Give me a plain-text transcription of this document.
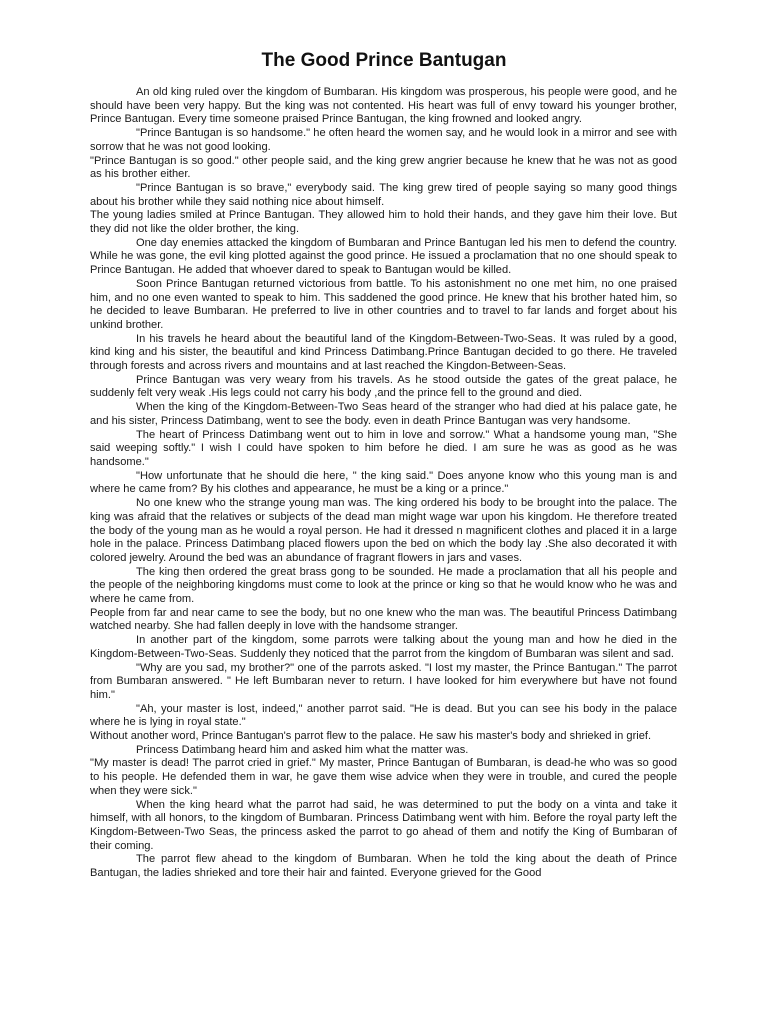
The Good Prince Bantugan

An old king ruled over the kingdom of Bumbaran. His kingdom was prosperous, his people were good, and he should have been very happy. But the king was not contented. His heart was full of envy toward his younger brother, Prince Bantugan. Every time someone praised Prince Bantugan, the king frowned and looked angry.

"Prince Bantugan is so handsome." he often heard the women say, and he would look in a mirror and see with sorrow that he was not good looking.

"Prince Bantugan is so good." other people said, and the king grew angrier because he knew that he was not as good as his brother either.

"Prince Bantugan is so brave," everybody said. The king grew tired of people saying so many good things about his brother while they said nothing nice about himself.

The young ladies smiled at Prince Bantugan. They allowed him to hold their hands, and they gave him their love. But they did not like the older brother, the king.

One day enemies attacked the kingdom of Bumbaran and Prince Bantugan led his men to defend the country. While he was gone, the evil king plotted against the good prince. He issued a proclamation that no one should speak to Prince Bantugan. He added that whoever dared to speak to Bantugan would be killed.

Soon Prince Bantugan returned victorious from battle. To his astonishment no one met him, no one praised him, and no one even wanted to speak to him. This saddened the good prince. He knew that his brother hated him, so he decided to leave Bumbaran. He preferred to live in other countries and to travel to far lands and forget about his unkind brother.

In his travels he heard about the beautiful land of the Kingdom-Between-Two-Seas. It was ruled by a good, kind king and his sister, the beautiful and kind Princess Datimbang.Prince Bantugan decided to go there. He traveled through forests and across rivers and mountains and at last reached the Kingdon-Between-Seas.

Prince Bantugan was very weary from his travels. As he stood outside the gates of the great palace, he suddenly felt very weak .His legs could not carry his body ,and the prince fell to the ground and died.

When the king of the Kingdom-Between-Two Seas heard of the stranger who had died at his palace gate, he and his sister, Princess Datimbang, went to see the body. even in death Prince Bantugan was very handsome.

The heart of Princess Datimbang went out to him in love and sorrow." What a handsome young man, "She said weeping softly." I wish I could have spoken to him before he died. I am sure he was as good as he was handsome."

"How unfortunate that he should die here, " the king said." Does anyone know who this young man is and where he came from? By his clothes and appearance, he must be a king or a prince."

No one knew who the strange young man was. The king ordered his body to be brought into the palace. The king was afraid that the relatives or subjects of the dead man might wage war upon his kingdom. He therefore treated the body of the young man as he would a royal person. He had it dressed n magnificent clothes and placed it in a large hole in the palace. Princess Datimbang placed flowers upon the bed on which the body lay .She also decorated it with colored jewelry. Around the bed was an abundance of fragrant flowers in jars and vases.

The king then ordered the great brass gong to be sounded. He made a proclamation that all his people and the people of the neighboring kingdoms must come to look at the prince or king so that he would know who he was and where he came from.

People from far and near came to see the body, but no one knew who the man was. The beautiful Princess Datimbang watched nearby. She had fallen deeply in love with the handsome stranger.

In another part of the kingdom, some parrots were talking about the young man and how he died in the Kingdom-Between-Two-Seas. Suddenly they noticed that the parrot from the kingdom of Bumbaran was silent and sad.

"Why are you sad, my brother?" one of the parrots asked. "I lost my master, the Prince Bantugan." The parrot from Bumbaran answered. " He left Bumbaran never to return. I have looked for him everywhere but have not found him."

"Ah, your master is lost, indeed," another parrot said. "He is dead. But you can see his body in the palace where he is lying in royal state."

Without another word, Prince Bantugan's parrot flew to the palace. He saw his master's body and shrieked in grief.

Princess Datimbang heard him and asked him what the matter was.

"My master is dead! The parrot cried in grief." My master, Prince Bantugan of Bumbaran, is dead-he who was so good to his people. He defended them in war, he gave them wise advice when they were in trouble, and cured the people when they were sick."

When the king heard what the parrot had said, he was determined to put the body on a vinta and take it himself, with all honors, to the kingdom of Bumbaran. Princess Datimbang went with him. Before the royal party left the Kingdom-Between-Two Seas, the princess asked the parrot to go ahead of them and notify the King of Bumbaran of their coming.

The parrot flew ahead to the kingdom of Bumbaran. When he told the king about the death of Prince Bantugan, the ladies shrieked and tore their hair and fainted. Everyone grieved for the Good
